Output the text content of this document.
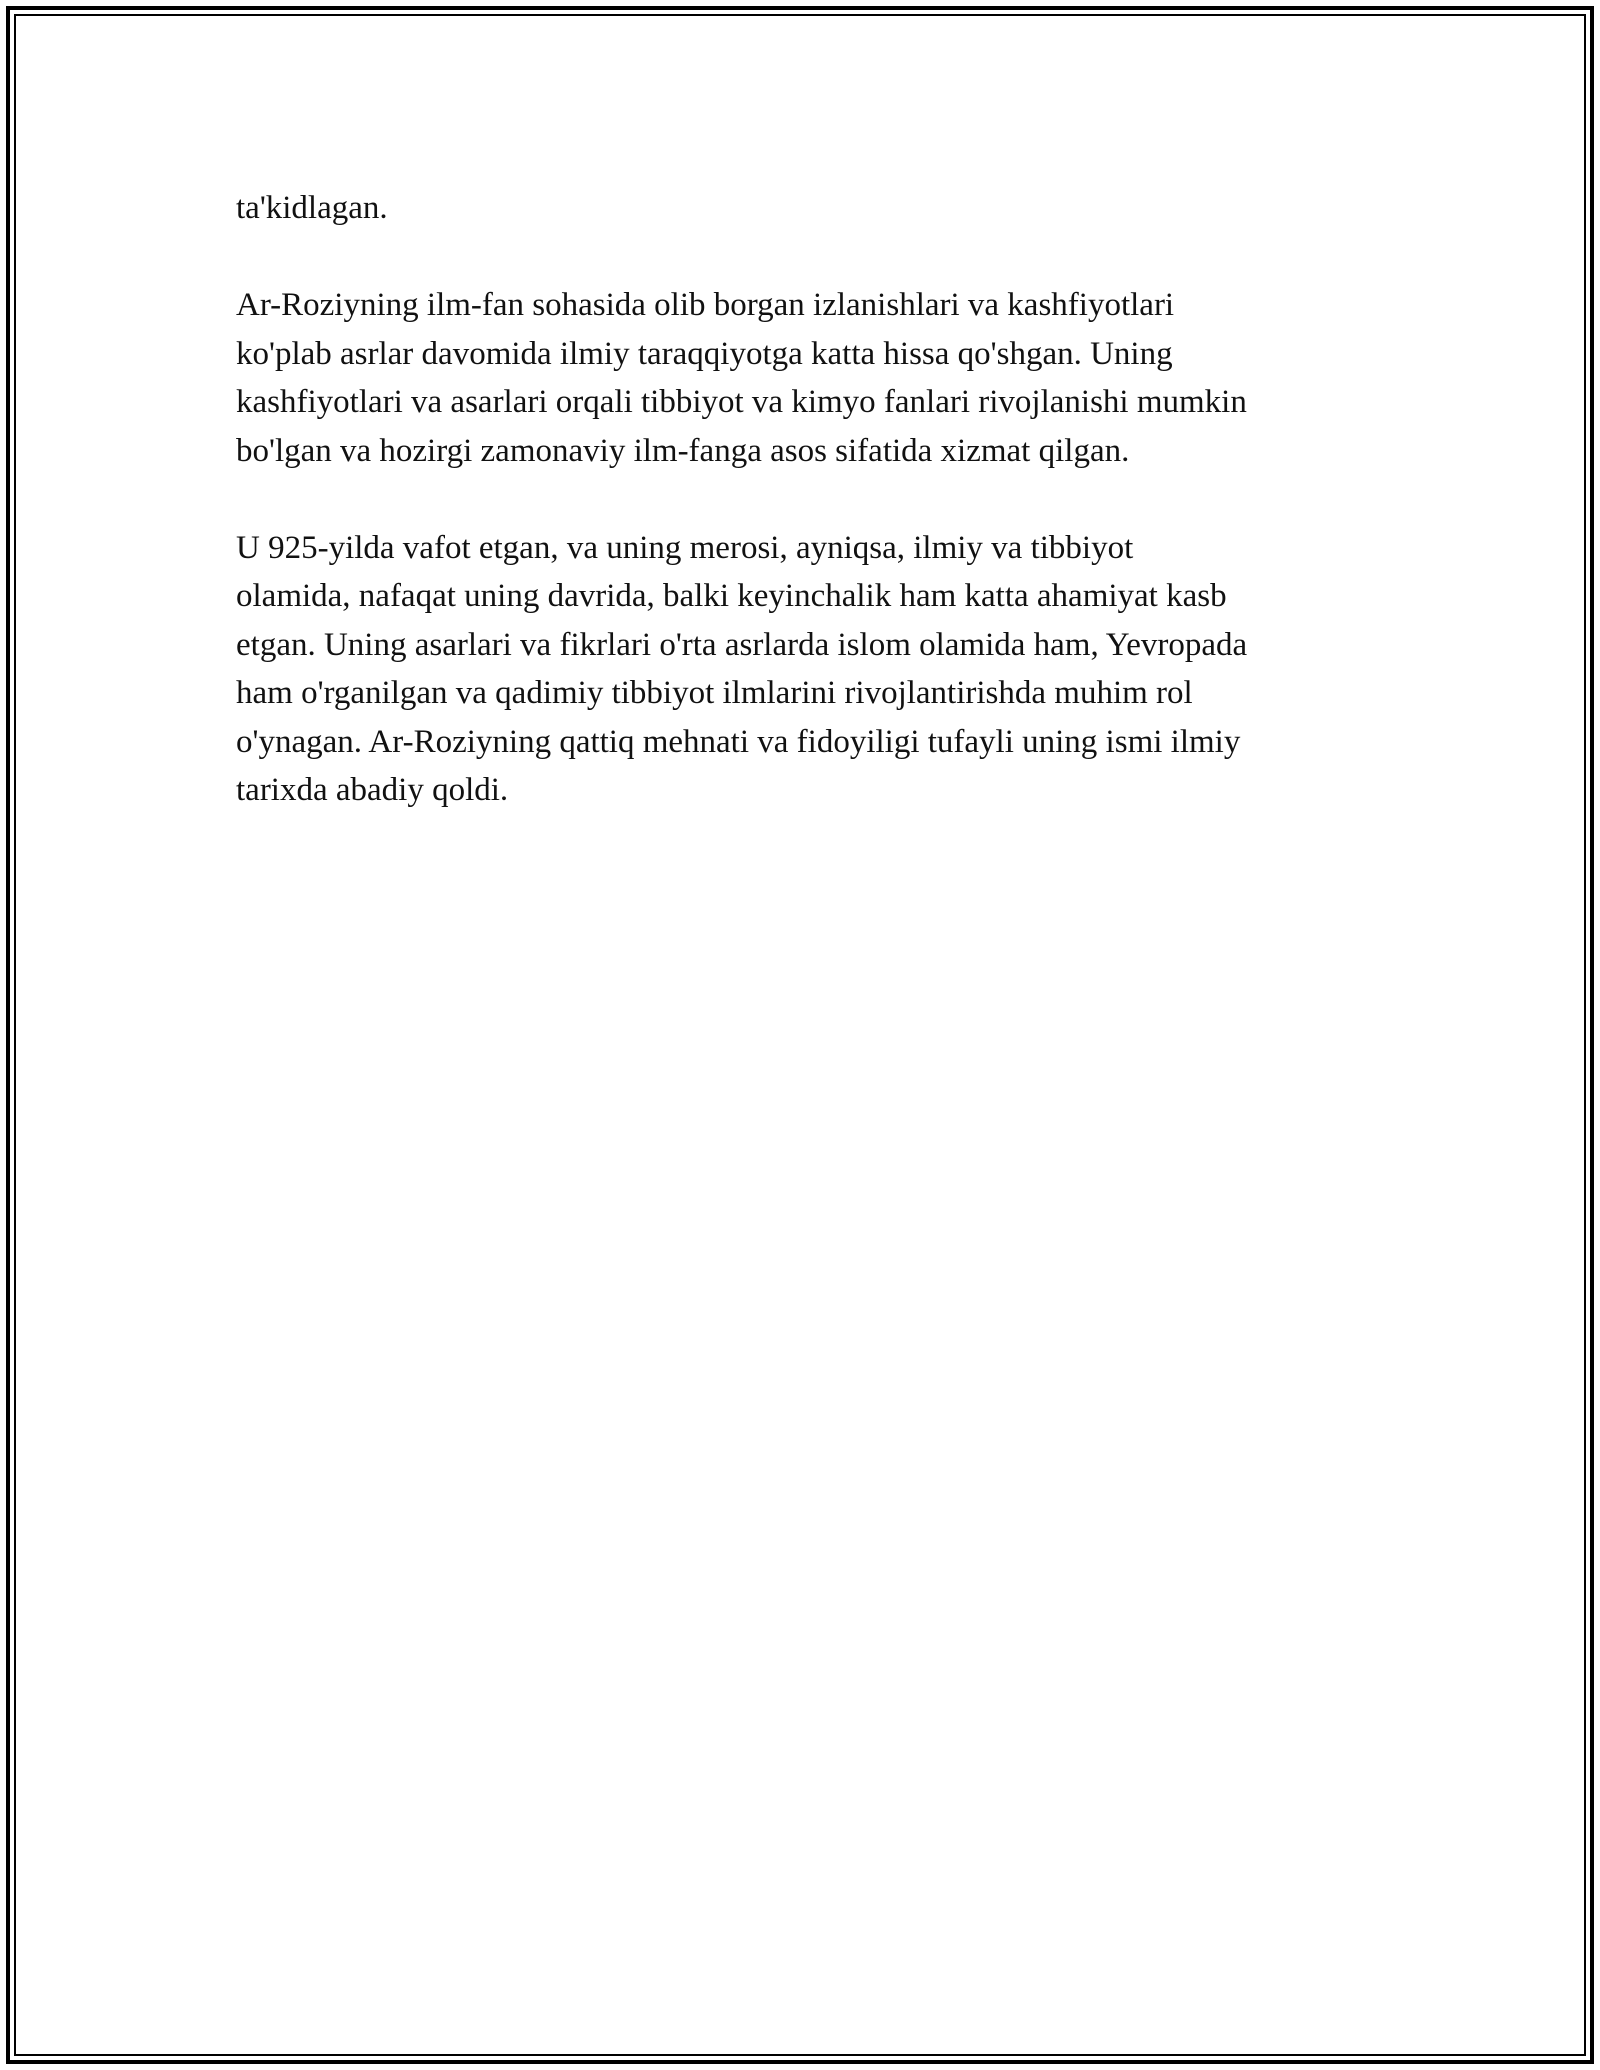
ta'kidlagan.

Ar-Roziyning ilm-fan sohasida olib borgan izlanishlari va kashfiyotlari
ko'plab asrlar davomida ilmiy taraqqiyotga katta hissa qo'shgan. Uning
kashfiyotlari va asarlari orqali tibbiyot va kimyo fanlari rivojlanishi mumkin
bo'lgan va hozirgi zamonaviy ilm-fanga asos sifatida xizmat qilgan.

U 925-yilda vafot etgan, va uning merosi, ayniqsa, ilmiy va tibbiyot
olamida, nafaqat uning davrida, balki keyinchalik ham katta ahamiyat kasb
etgan. Uning asarlari va fikrlari o'rta asrlarda islom olamida ham, Yevropada
ham o'rganilgan va qadimiy tibbiyot ilmlarini rivojlantirishda muhim rol
o'ynagan. Ar-Roziyning qattiq mehnati va fidoyiligi tufayli uning ismi ilmiy
tarixda abadiy qoldi.
